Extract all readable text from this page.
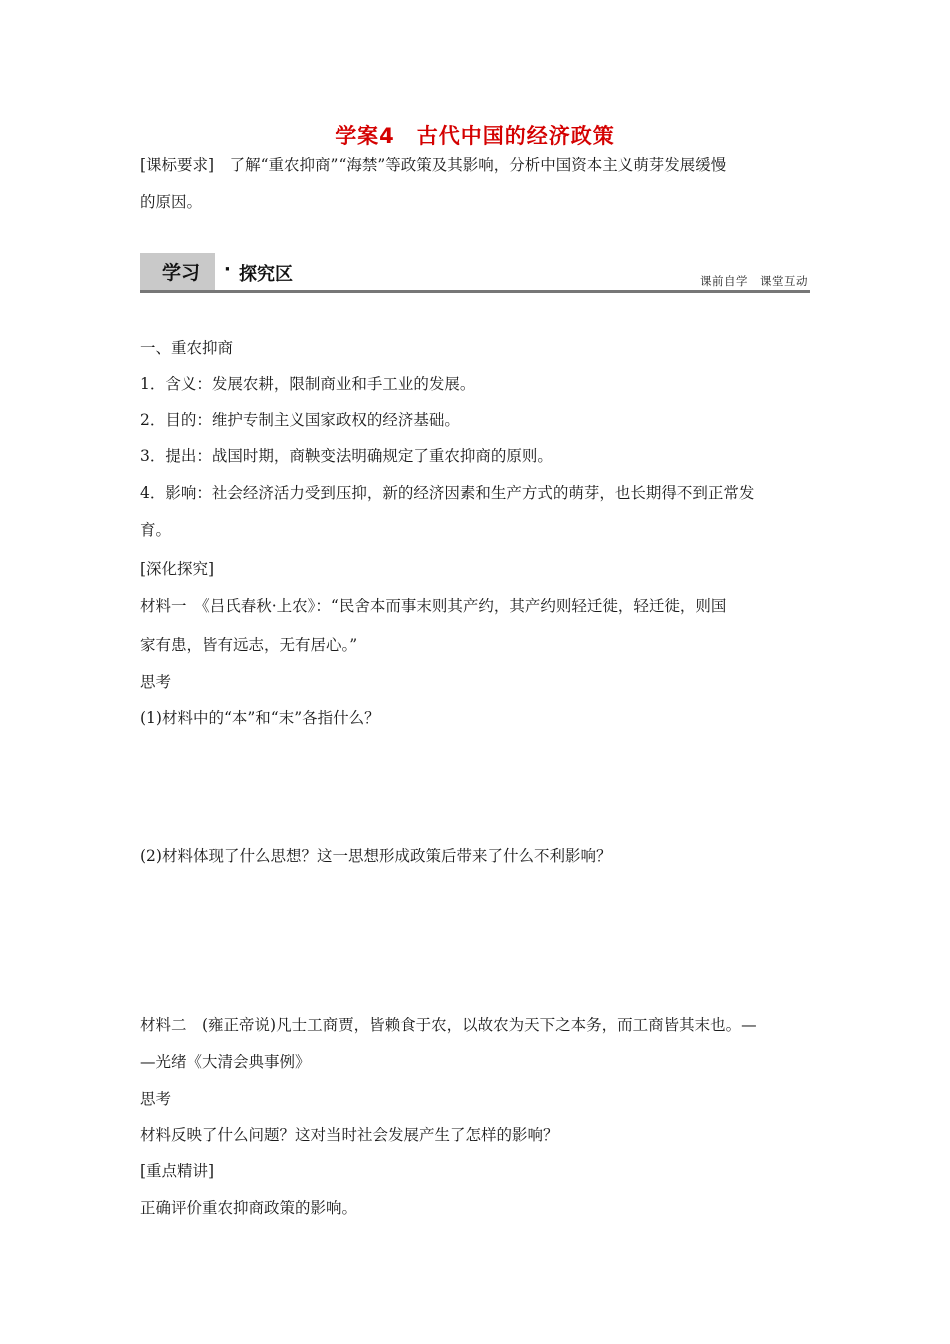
学案4　古代中国的经济政策
[课标要求]　了解“重农抑商”“海禁”等政策及其影响，分析中国资本主义萌芽发展缓慢
的原因。
学习 · 探究区	课前自学　课堂互动
一、重农抑商
1．含义：发展农耕，限制商业和手工业的发展。
2．目的：维护专制主义国家政权的经济基础。
3．提出：战国时期，商鞅变法明确规定了重农抑商的原则。
4．影响：社会经济活力受到压抑，新的经济因素和生产方式的萌芽，也长期得不到正常发
育。
[深化探究]
材料一　《吕氏春秋·上农》：“民舍本而事末则其产约，其产约则轻迁徙，轻迁徙，则国
家有患，皆有远志，无有居心。”
思考
(1)材料中的“本”和“末”各指什么？
(2)材料体现了什么思想？这一思想形成政策后带来了什么不利影响？
材料二　(雍正帝说)凡士工商贾，皆赖食于农，以故农为天下之本务，而工商皆其末也。—
—光绪《大清会典事例》
思考
材料反映了什么问题？这对当时社会发展产生了怎样的影响？
[重点精讲]
正确评价重农抑商政策的影响。
